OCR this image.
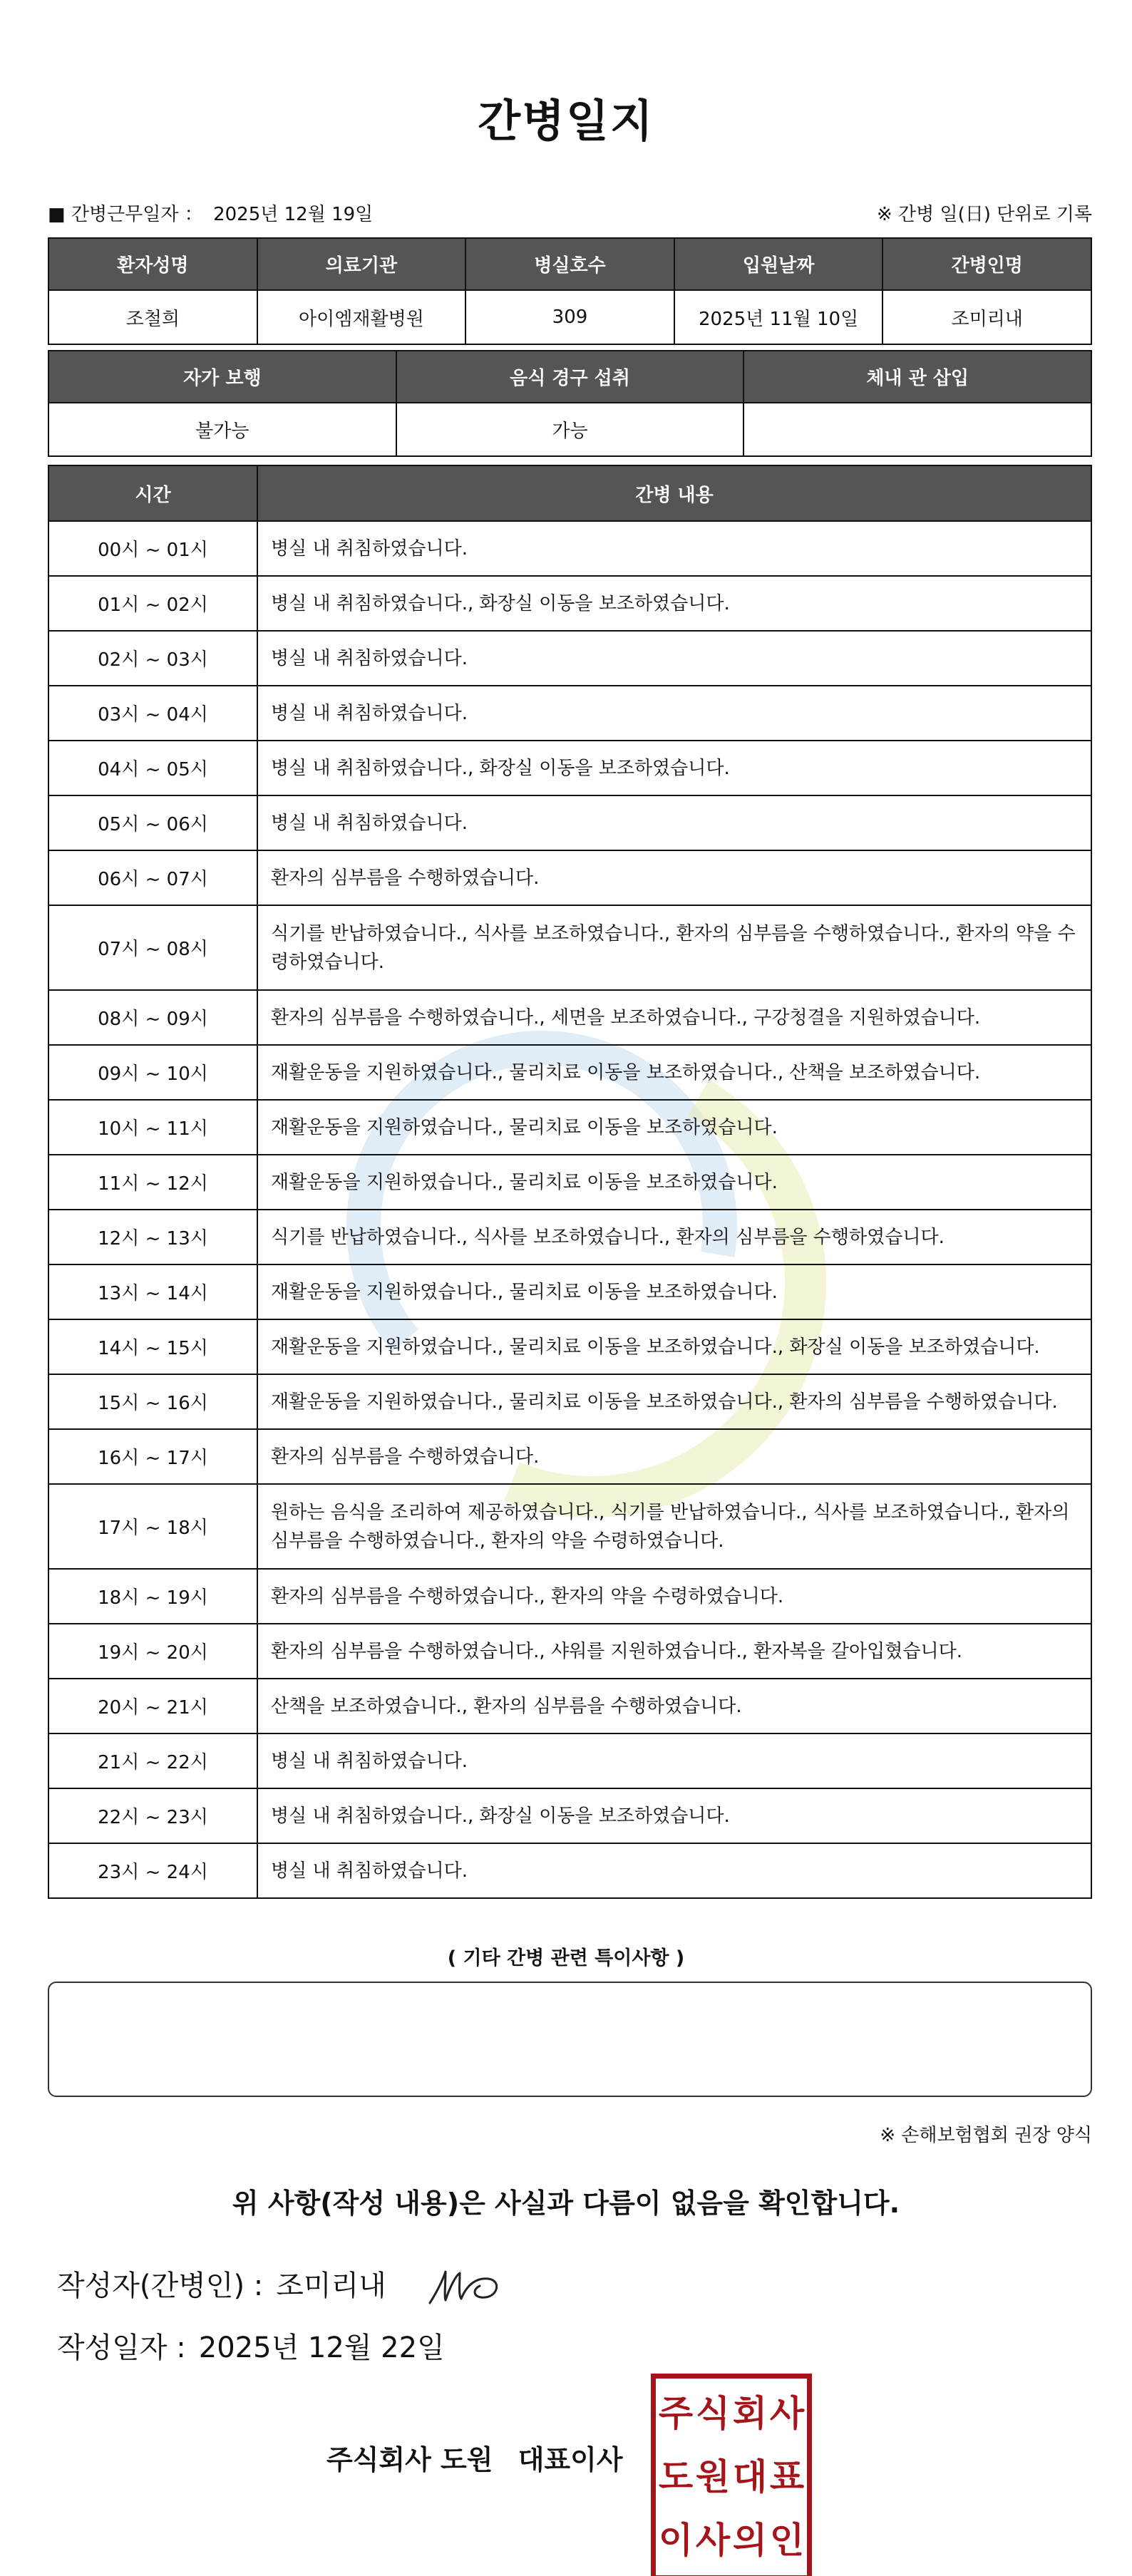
간병일지
■ 간병근무일자 ： 2025년 12월 19일	※ 간병 일(日) 단위로 기록
환자성명	의료기관	병실호수	입원날짜	간병인명
조철희	아이엠재활병원	309	2025년 11월 10일	조미리내
자가 보행	음식 경구 섭취	체내 관 삽입
불가능	가능	
시간	간병 내용
00시 ~ 01시	병실 내 취침하였습니다.
01시 ~ 02시	병실 내 취침하였습니다., 화장실 이동을 보조하였습니다.
02시 ~ 03시	병실 내 취침하였습니다.
03시 ~ 04시	병실 내 취침하였습니다.
04시 ~ 05시	병실 내 취침하였습니다., 화장실 이동을 보조하였습니다.
05시 ~ 06시	병실 내 취침하였습니다.
06시 ~ 07시	환자의 심부름을 수행하였습니다.
07시 ~ 08시	식기를 반납하였습니다., 식사를 보조하였습니다., 환자의 심부름을 수행하였습니다., 환자의 약을 수령하였습니다.
08시 ~ 09시	환자의 심부름을 수행하였습니다., 세면을 보조하였습니다., 구강청결을 지원하였습니다.
09시 ~ 10시	재활운동을 지원하였습니다., 물리치료 이동을 보조하였습니다., 산책을 보조하였습니다.
10시 ~ 11시	재활운동을 지원하였습니다., 물리치료 이동을 보조하였습니다.
11시 ~ 12시	재활운동을 지원하였습니다., 물리치료 이동을 보조하였습니다.
12시 ~ 13시	식기를 반납하였습니다., 식사를 보조하였습니다., 환자의 심부름을 수행하였습니다.
13시 ~ 14시	재활운동을 지원하였습니다., 물리치료 이동을 보조하였습니다.
14시 ~ 15시	재활운동을 지원하였습니다., 물리치료 이동을 보조하였습니다., 화장실 이동을 보조하였습니다.
15시 ~ 16시	재활운동을 지원하였습니다., 물리치료 이동을 보조하였습니다., 환자의 심부름을 수행하였습니다.
16시 ~ 17시	환자의 심부름을 수행하였습니다.
17시 ~ 18시	원하는 음식을 조리하여 제공하였습니다., 식기를 반납하였습니다., 식사를 보조하였습니다., 환자의 심부름을 수행하였습니다., 환자의 약을 수령하였습니다.
18시 ~ 19시	환자의 심부름을 수행하였습니다., 환자의 약을 수령하였습니다.
19시 ~ 20시	환자의 심부름을 수행하였습니다., 샤워를 지원하였습니다., 환자복을 갈아입혔습니다.
20시 ~ 21시	산책을 보조하였습니다., 환자의 심부름을 수행하였습니다.
21시 ~ 22시	병실 내 취침하였습니다.
22시 ~ 23시	병실 내 취침하였습니다., 화장실 이동을 보조하였습니다.
23시 ~ 24시	병실 내 취침하였습니다.
( 기타 간병 관련 특이사항 )
※ 손해보험협회 권장 양식
위 사항(작성 내용)은 사실과 다름이 없음을 확인합니다.
작성자(간병인) : 조미리내
작성일자 : 2025년 12월 22일
주식회사 도원 대표이사
주 식 회 사
도 원 대 표
이 사 의 인
